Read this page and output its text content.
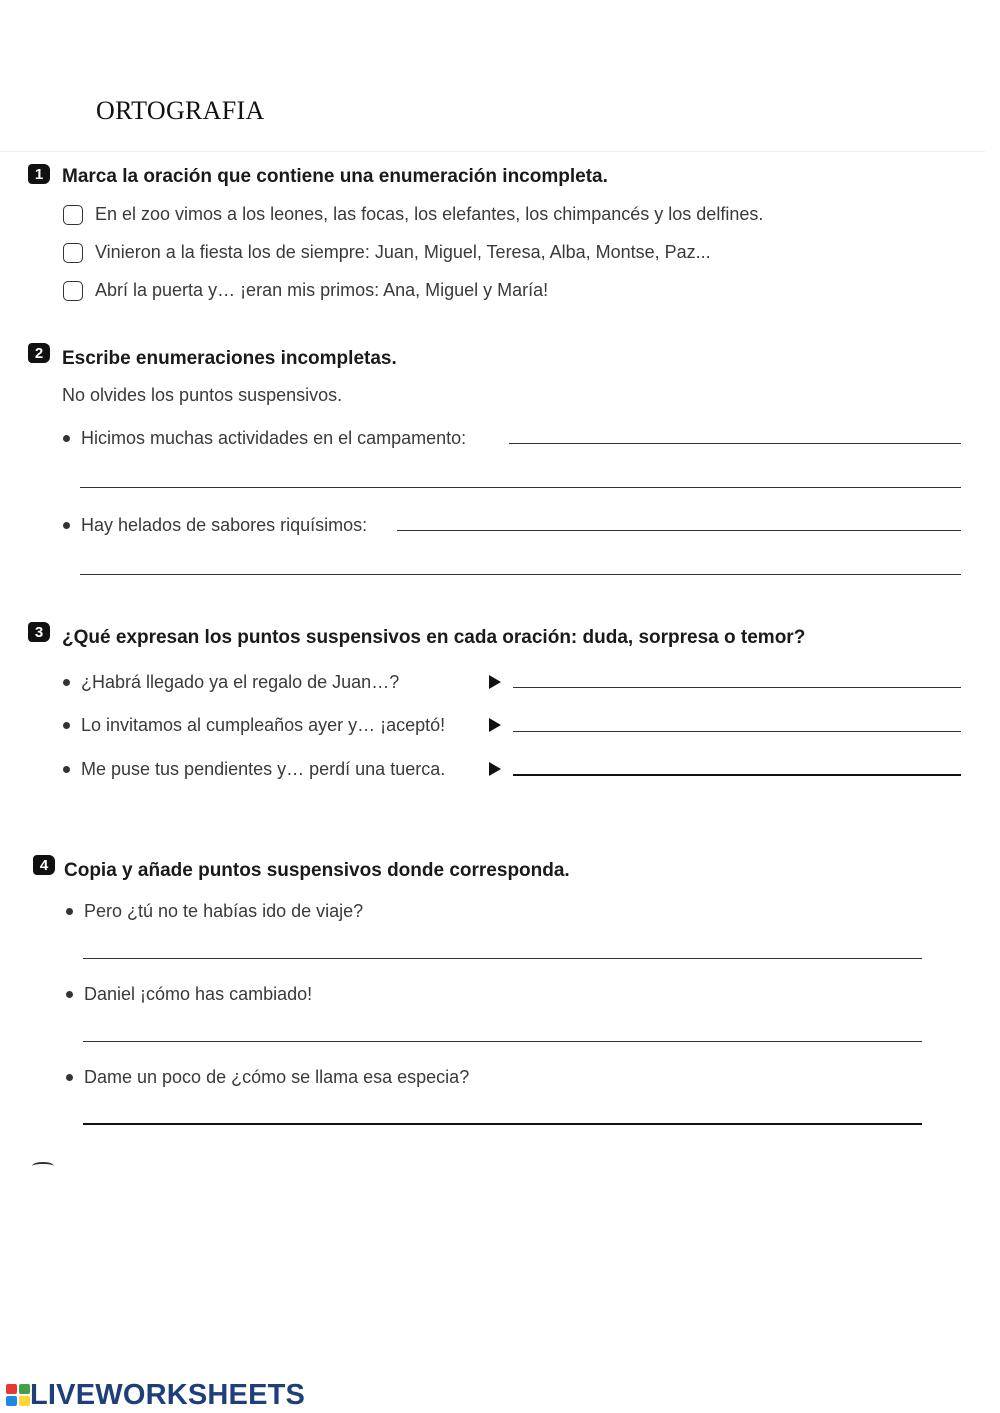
ORTOGRAFIA
1 Marca la oración que contiene una enumeración incompleta.
En el zoo vimos a los leones, las focas, los elefantes, los chimpancés y los delfines.
Vinieron a la fiesta los de siempre: Juan, Miguel, Teresa, Alba, Montse, Paz...
Abrí la puerta y… ¡eran mis primos: Ana, Miguel y María!
2 Escribe enumeraciones incompletas.
No olvides los puntos suspensivos.
Hicimos muchas actividades en el campamento:
Hay helados de sabores riquísimos:
3 ¿Qué expresan los puntos suspensivos en cada oración: duda, sorpresa o temor?
¿Habrá llegado ya el regalo de Juan…?
Lo invitamos al cumpleaños ayer y… ¡aceptó!
Me puse tus pendientes y… perdí una tuerca.
4 Copia y añade puntos suspensivos donde corresponda.
Pero ¿tú no te habías ido de viaje?
Daniel ¡cómo has cambiado!
Dame un poco de ¿cómo se llama esa especia?
LIVEWORKSHEETS
